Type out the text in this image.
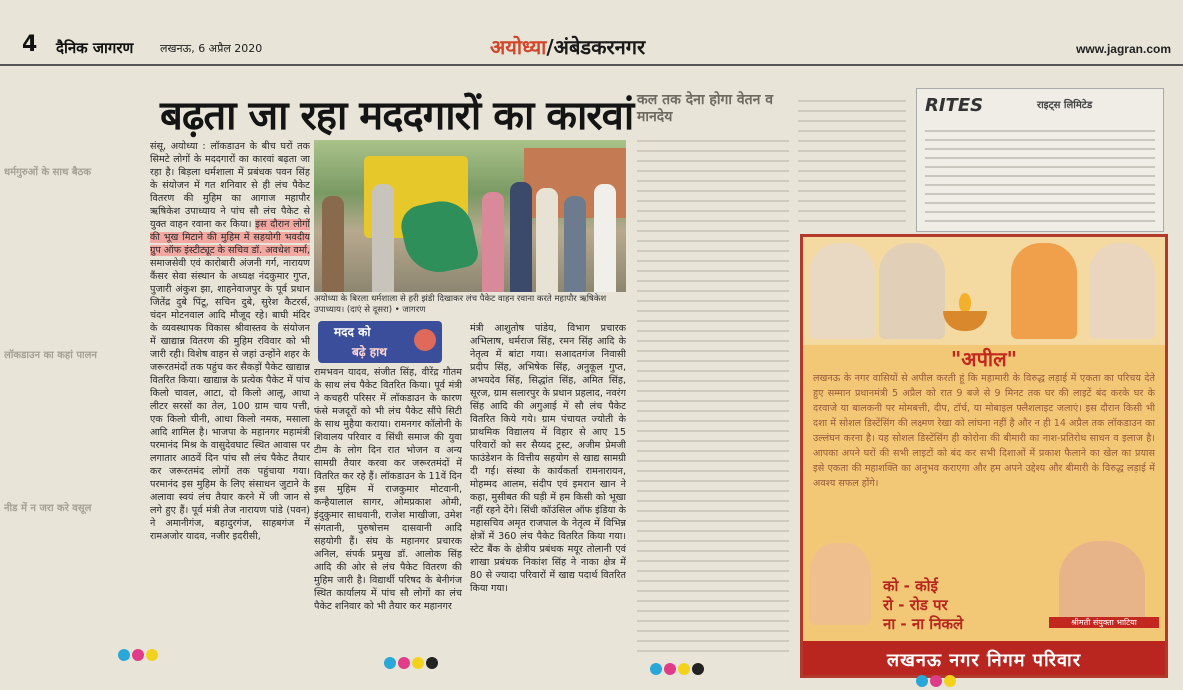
4 दैनिक जागरण लखनऊ, 6 अप्रैल 2020	अयोध्या/अंबेडकरनगर	www.jagran.com
धर्मगुरुओं के साथ बैठक
लॉकडाउन का कहां पालन
नीड में न जरा करे वसूल
बढ़ता जा रहा मददगारों का कारवां
संसू, अयोध्या : लॉकडाउन के बीच घरों तक सिमटे लोगों के मददगारों का कारवां बढ़ता जा रहा है। बिड़ला धर्मशाला में प्रबंधक पवन सिंह के संयोजन में गत शनिवार से ही लंच पैकेट वितरण की मुहिम का आगाज महापौर ऋषिकेश उपाध्याय ने पांच सौ लंच पैकेट से युक्त वाहन रवाना कर किया। इस दौरान लोगों की भूख मिटाने की मुहिम में सहयोगी भवदीय ग्रुप ऑफ इंस्टीट्यूट के सचिव डॉ. अवधेश वर्मा, समाजसेवी एवं कारोबारी अंजनी गर्ग, नारायण कैंसर सेवा संस्थान के अध्यक्ष नंदकुमार गुप्त, पुजारी अंकुश झा, शाहनेवाजपुर के पूर्व प्रधान जितेंद्र दुबे पिंटू, सचिन दुबे, सुरेश कैटरर्स, चंदन मोटनवाल आदि मौजूद रहे। बाघी मंदिर के व्यवस्थापक विकास श्रीवास्तव के संयोजन में खाद्यान्न वितरण की मुहिम रविवार को भी जारी रही। विशेष वाहन से जहां उन्होंने शहर के जरूरतमंदों तक पहुंच कर सैकड़ों पैकेट खाद्यान्न वितरित किया। खाद्यान्न के प्रत्येक पैकेट में पांच किलो चावल, आटा, दो किलो आलू, आधा लीटर सरसों का तेल, 100 ग्राम चाय पत्ती, एक किलो चीनी, आधा किलो नमक, मसाला आदि शामिल है। भाजपा के महानगर महामंत्री परमानंद मिश्र के वासुदेवघाट स्थित आवास पर लगातार आठवें दिन पांच सौ लंच पैकेट तैयार कर जरूरतमंद लोगों तक पहुंचाया गया। परमानंद इस मुहिम के लिए संसाधन जुटाने के अलावा स्वयं लंच तैयार करने में जी जान से लगे हुए हैं। पूर्व मंत्री तेज नारायण पांडे (पवन) ने अमानीगंज, बहादुरगंज, साहबगंज में रामअजोर यादव, नजीर इदरीसी,
अयोध्या के बिरला धर्मशाला से हरी झंडी दिखाकर लंच पैकेट वाहन रवाना करते महापौर ऋषिकेश उपाध्याय। (दाएं से दूसरा) • जागरण
मदद को
बढ़े हाथ
रामभवन यादव, संजीत सिंह, वीरेंद्र गौतम के साथ लंच पैकेट वितरित किया। पूर्व मंत्री ने कचहरी परिसर में लॉकडाउन के कारण फंसे मजदूरों को भी लंच पैकेट सौंपे सिटी के साथ मुहैया कराया। रामनगर कॉलोनी के शिवालय परिवार व सिंधी समाज की युवा टीम के लोग दिन रात भोजन व अन्य सामग्री तैयार करवा कर जरूरतमंदों में वितरित कर रहे हैं। लॉकडाउन के 11वें दिन इस मुहिम में राजकुमार मोटवानी, कन्हैयालाल सागर, ओमप्रकाश ओमी, इंदुकुमार साधवानी, राजेश माखीजा, उमेश संगतानी, पुरुषोत्तम दासवानी आदि सहयोगी हैं। संघ के महानगर प्रचारक अनिल, संपर्क प्रमुख डॉ. आलोक सिंह आदि की ओर से लंच पैकेट वितरण की मुहिम जारी है। विद्यार्थी परिषद के बेनीगंज स्थित कार्यालय में पांच सौ लोगों का लंच पैकेट शनिवार को भी तैयार कर महानगर
मंत्री आशुतोष पांडेय, विभाग प्रचारक अभिलाष, धर्मराज सिंह, रमन सिंह आदि के नेतृत्व में बांटा गया। सआदतगंज निवासी प्रदीप सिंह, अभिषेक सिंह, अनुकूल गुप्त, अभयदेव सिंह, सिद्धांत सिंह, अमित सिंह, सूरज, ग्राम सलारपुर के प्रधान प्रहलाद, नवरंग सिंह आदि की अगुआई में सौ लंच पैकेट वितरित किये गये। ग्राम पंचायत ज्योती के प्राथमिक विद्यालय में विहार से आए 15 परिवारों को सर सैय्यद ट्रस्ट, अजीम प्रेमजी फाउंडेशन के वित्तीय सहयोग से खाद्य सामग्री दी गई। संस्था के कार्यकर्ता रामनारायन, मोहम्मद आलम, संदीप एवं इमरान खान ने कहा, मुसीबत की घड़ी में हम किसी को भूखा नहीं रहने देंगे। सिंधी कॉउंसिल ऑफ इंडिया के महासचिव अमृत राजपाल के नेतृत्व में विभिन्न क्षेत्रों में 360 लंच पैकेट वितरित किया गया। स्टेट बैंक के क्षेत्रीय प्रबंधक मयूर तोलानी एवं शाखा प्रबंधक निकांश सिंह ने नाका क्षेत्र में 80 से ज्यादा परिवारों में खाद्य पदार्थ वितरित किया गया।
कल तक देना होगा वेतन व मानदेय
RITES	राइट्स लिमिटेड
"अपील"
लखनऊ के नगर वासियों से अपील करती हूं कि महामारी के विरुद्ध लड़ाई में एकता का परिचय देते हुए सम्मान प्रधानमंत्री 5 अप्रैल को रात 9 बजे से 9 मिनट तक घर की लाइटें बंद करके घर के दरवाजे या बालकनी पर मोमबत्ती, दीप, टॉर्च, या मोबाइल फ्लैशलाइट जलाएं। इस दौरान किसी भी दशा में सोशल डिस्टेंसिंग की लक्ष्मण रेखा को लांघना नहीं है और न ही 14 अप्रैल तक लॉकडाउन का उल्लंघन करना है। यह सोशल डिस्टेंसिंग ही कोरोना की बीमारी का नाश-प्रतिरोध साधन व इलाज है। आपका अपने घरों की सभी लाइटों को बंद कर सभी दिशाओं में प्रकाश फैलाने का खेल का प्रयास इसे एकता की महाशक्ति का अनुभव कराएगा और हम अपने उद्देश्य और बीमारी के विरुद्ध लड़ाई में अवश्य सफल होंगे।
को - कोई
रो - रोड पर
ना - ना निकले	श्रीमती संयुक्ता भाटिया
लखनऊ नगर निगम परिवार
